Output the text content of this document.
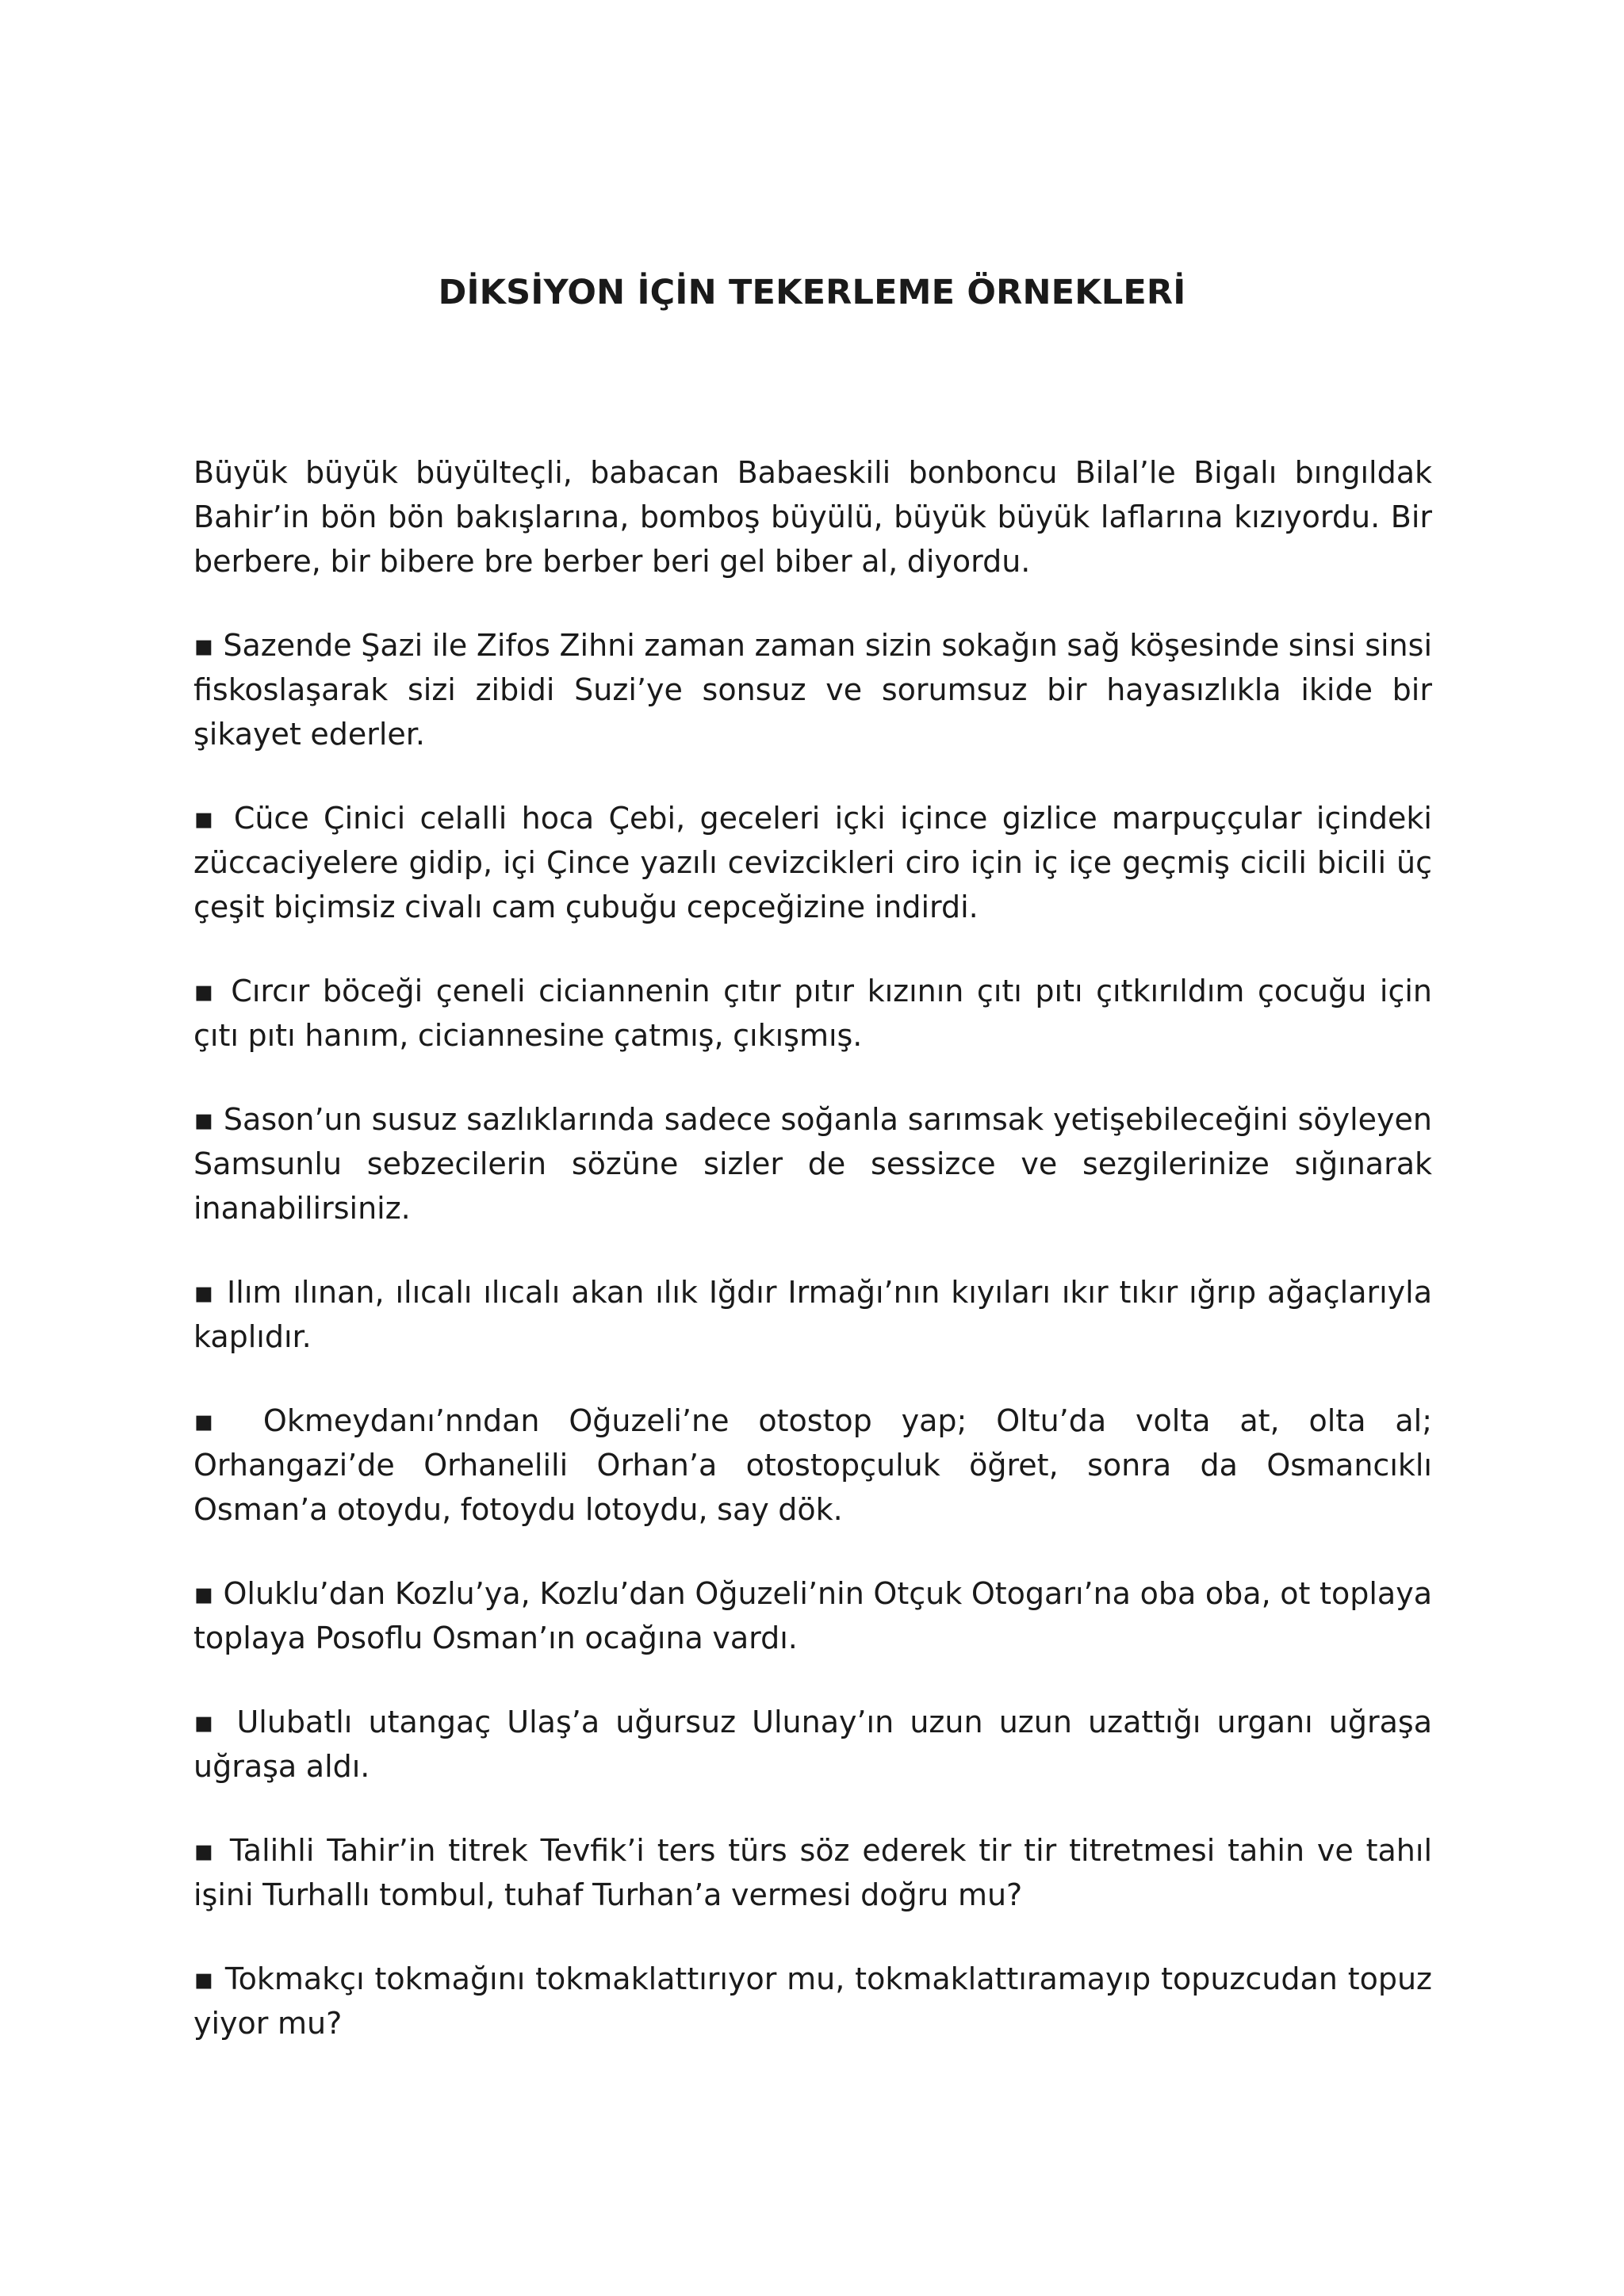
DİKSİYON İÇİN TEKERLEME ÖRNEKLERİ

Büyük büyük büyülteçli, babacan Babaeskili bonboncu Bilal’le Bigalı bıngıldak Bahir’in bön bön bakışlarına, bomboş büyülü, büyük büyük laflarına kızıyordu. Bir berbere, bir bibere bre berber beri gel biber al, diyordu.

▪ Sazende Şazi ile Zifos Zihni zaman zaman sizin sokağın sağ köşesinde sinsi sinsi fiskoslaşarak sizi zibidi Suzi’ye sonsuz ve sorumsuz bir hayasızlıkla ikide bir şikayet ederler.

▪ Cüce Çinici celalli hoca Çebi, geceleri içki içince gizlice marpuççular içindeki züccaciyelere gidip, içi Çince yazılı cevizcikleri ciro için iç içe geçmiş cicili bicili üç çeşit biçimsiz civalı cam çubuğu cepceğizine indirdi.

▪ Cırcır böceği çeneli ciciannenin çıtır pıtır kızının çıtı pıtı çıtkırıldım çocuğu için çıtı pıtı hanım, ciciannesine çatmış, çıkışmış.

▪ Sason’un susuz sazlıklarında sadece soğanla sarımsak yetişebileceğini söyleyen Samsunlu sebzecilerin sözüne sizler de sessizce ve sezgilerinize sığınarak inanabilirsiniz.

▪ Ilım ılınan, ılıcalı ılıcalı akan ılık Iğdır Irmağı’nın kıyıları ıkır tıkır ığrıp ağaçlarıyla kaplıdır.

▪ Okmeydanı’nndan Oğuzeli’ne otostop yap; Oltu’da volta at, olta al; Orhangazi’de Orhanelili Orhan’a otostopçuluk öğret, sonra da Osmancıklı Osman’a otoydu, fotoydu lotoydu, say dök.

▪ Oluklu’dan Kozlu’ya, Kozlu’dan Oğuzeli’nin Otçuk Otogarı’na oba oba, ot toplaya toplaya Posoflu Osman’ın ocağına vardı.

▪ Ulubatlı utangaç Ulaş’a uğursuz Ulunay’ın uzun uzun uzattığı urganı uğraşa uğraşa aldı.

▪ Talihli Tahir’in titrek Tevfik’i ters türs söz ederek tir tir titretmesi tahin ve tahıl işini Turhallı tombul, tuhaf Turhan’a vermesi doğru mu?

▪ Tokmakçı tokmağını tokmaklattırıyor mu, tokmaklattıramayıp topuzcudan topuz yiyor mu?
